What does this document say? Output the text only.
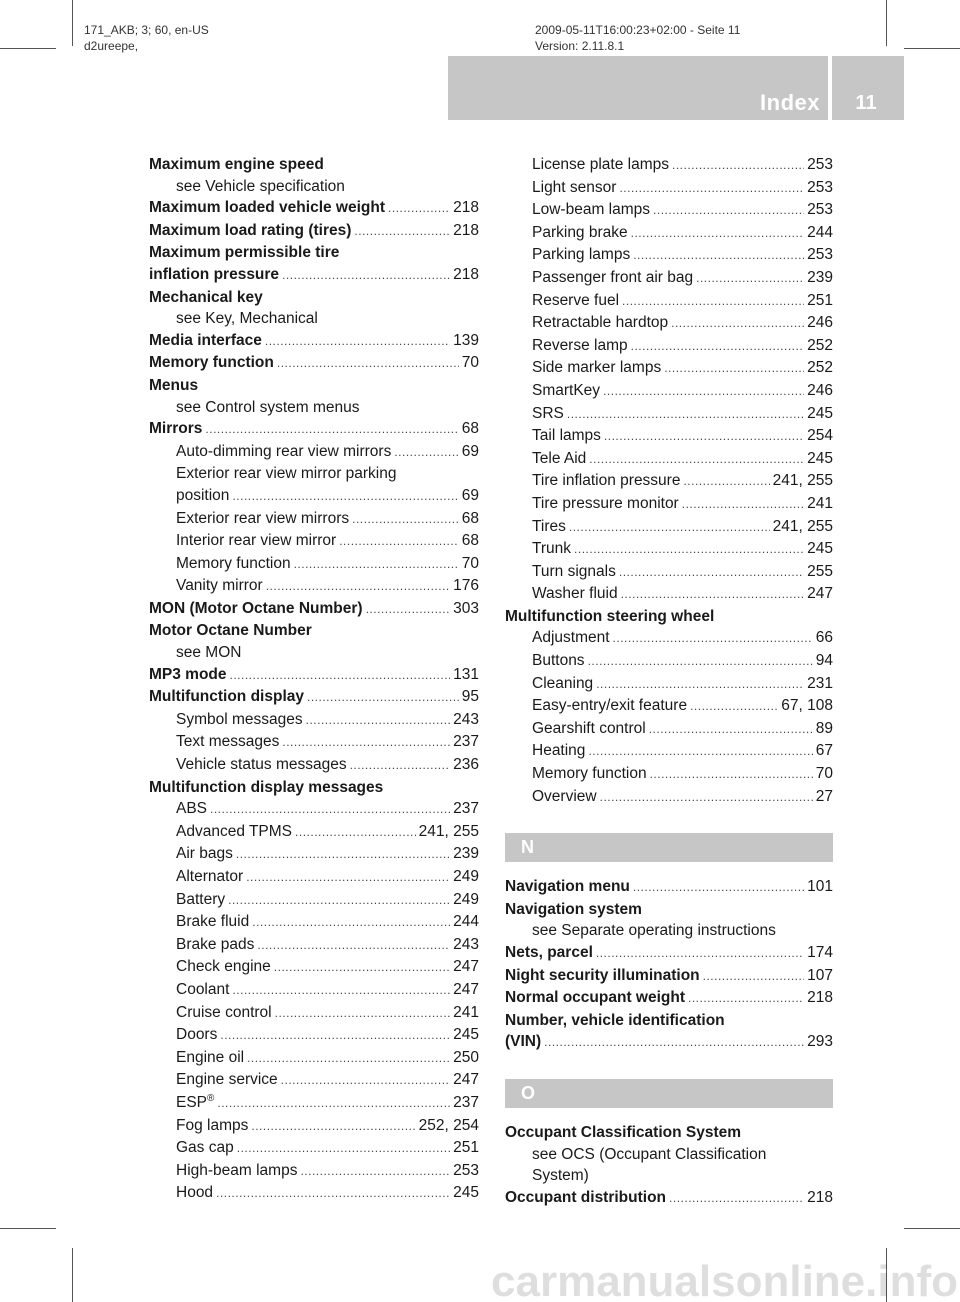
171_AKB; 3; 60, en-US
d2ureepe,
2009-05-11T16:00:23+02:00 - Seite 11
Version: 2.11.8.1
Index	11
Maximum engine speed
see Vehicle specification
Maximum loaded vehicle weight .....	218
Maximum load rating (tires) .....	218
Maximum permissible tire
inflation pressure .....	218
Mechanical key
see Key, Mechanical
Media interface .....	139
Memory function .....	70
Menus
see Control system menus
Mirrors .....	68
Auto-dimming rear view mirrors .....	69
Exterior rear view mirror parking
position .....	69
Exterior rear view mirrors .....	68
Interior rear view mirror .....	68
Memory function .....	70
Vanity mirror .....	176
MON (Motor Octane Number) .....	303
Motor Octane Number
see MON
MP3 mode .....	131
Multifunction display .....	95
Symbol messages .....	243
Text messages .....	237
Vehicle status messages .....	236
Multifunction display messages
ABS .....	237
Advanced TPMS .....	241, 255
Air bags .....	239
Alternator .....	249
Battery .....	249
Brake fluid .....	244
Brake pads .....	243
Check engine .....	247
Coolant .....	247
Cruise control .....	241
Doors .....	245
Engine oil .....	250
Engine service .....	247
ESP® .....	237
Fog lamps .....	252, 254
Gas cap .....	251
High-beam lamps .....	253
Hood .....	245
License plate lamps .....	253
Light sensor .....	253
Low-beam lamps .....	253
Parking brake .....	244
Parking lamps .....	253
Passenger front air bag .....	239
Reserve fuel .....	251
Retractable hardtop .....	246
Reverse lamp .....	252
Side marker lamps .....	252
SmartKey .....	246
SRS .....	245
Tail lamps .....	254
Tele Aid .....	245
Tire inflation pressure .....	241, 255
Tire pressure monitor .....	241
Tires .....	241, 255
Trunk .....	245
Turn signals .....	255
Washer fluid .....	247
Multifunction steering wheel
Adjustment .....	66
Buttons .....	94
Cleaning .....	231
Easy-entry/exit feature .....	67, 108
Gearshift control .....	89
Heating .....	67
Memory function .....	70
Overview .....	27
N
Navigation menu .....	101
Navigation system
see Separate operating instructions
Nets, parcel .....	174
Night security illumination .....	107
Normal occupant weight .....	218
Number, vehicle identification
(VIN) .....	293
O
Occupant Classification System
see OCS (Occupant Classification
System)
Occupant distribution .....	218
carmanualsonline.info
